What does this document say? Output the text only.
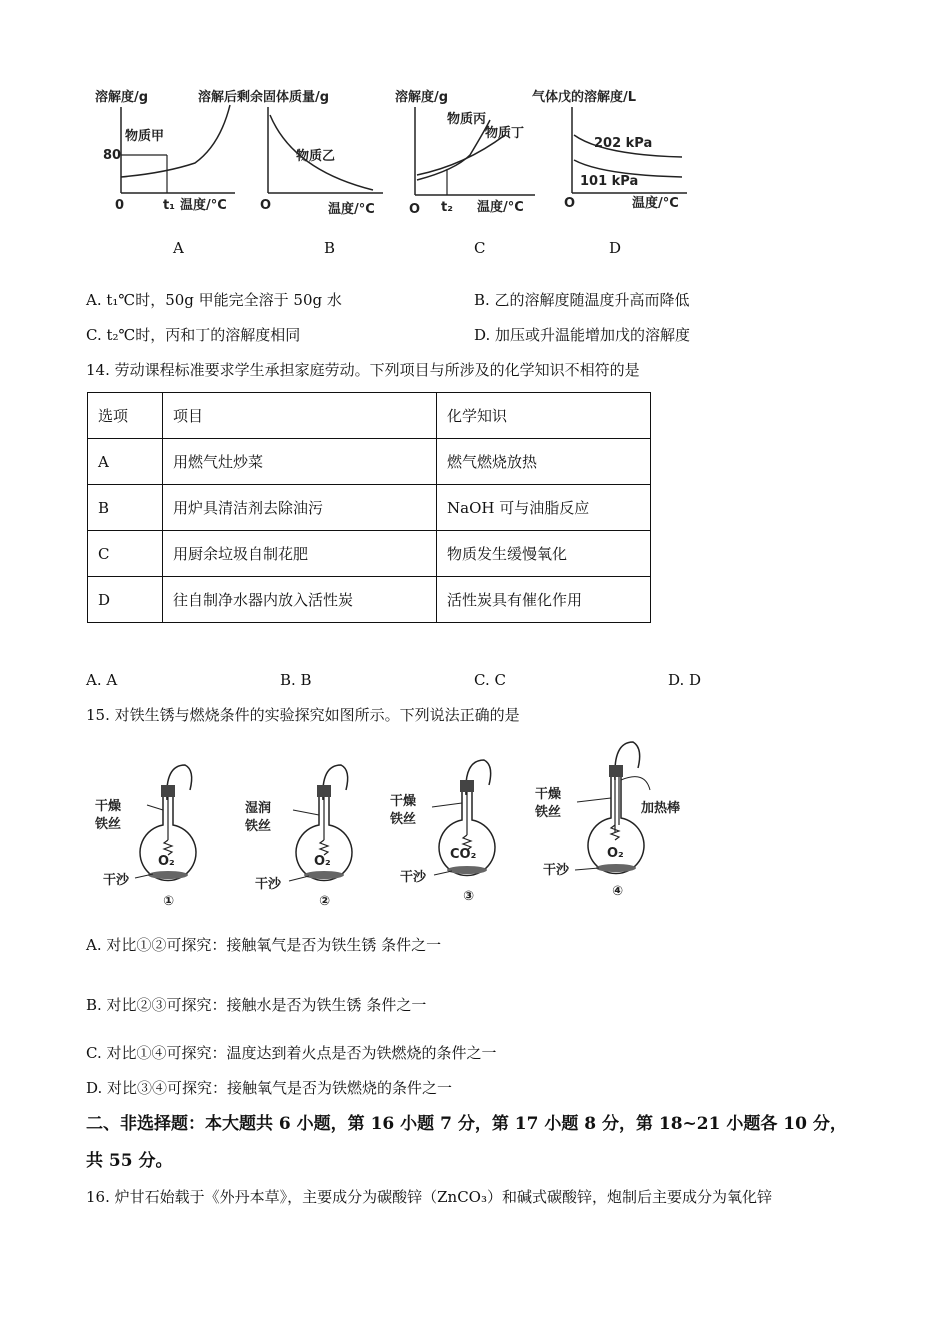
溶解度/g
物质甲
80
0	t₁ 温度/°C
溶解后剩余固体质量/g
物质乙
O	温度/°C
溶解度/g
物质丙
物质丁
O t₂ 温度/°C
气体戊的溶解度/L
202 kPa
101 kPa
O	温度/°C
A	B	C	D
A. t₁℃时，50g 甲能完全溶于 50g 水	B. 乙的溶解度随温度升高而降低
C. t₂℃时，丙和丁的溶解度相同	D. 加压或升温能增加戊的溶解度
14. 劳动课程标准要求学生承担家庭劳动。下列项目与所涉及的化学知识不相符的是
选项	项目	化学知识
A	用燃气灶炒菜	燃气燃烧放热
B	用炉具清洁剂去除油污	NaOH 可与油脂反应
C	用厨余垃圾自制花肥	物质发生缓慢氧化
D	往自制净水器内放入活性炭	活性炭具有催化作用
A. A	B. B	C. C	D. D
15. 对铁生锈与燃烧条件的实验探究如图所示。下列说法正确的是
干燥
铁丝
O₂
干沙
①
湿润
铁丝
O₂
干沙
②
干燥
铁丝
CO₂
干沙
③
干燥
铁丝	加热棒
O₂
干沙
④
A. 对比①②可探究：接触氧气是否为铁生锈 条件之一
B. 对比②③可探究：接触水是否为铁生锈 条件之一
C. 对比①④可探究：温度达到着火点是否为铁燃烧的条件之一
D. 对比③④可探究：接触氧气是否为铁燃烧的条件之一
二、非选择题：本大题共 6 小题，第 16 小题 7 分，第 17 小题 8 分，第 18~21 小题各 10 分，
共 55 分。
16. 炉甘石始载于《外丹本草》，主要成分为碳酸锌（ZnCO₃）和碱式碳酸锌，炮制后主要成分为氧化锌
